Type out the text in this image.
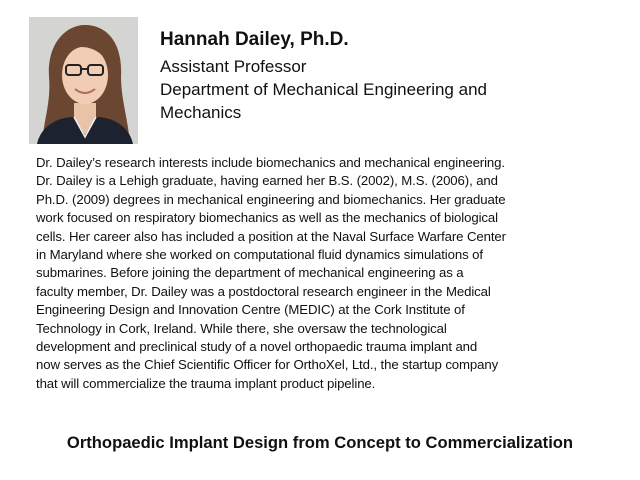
Hannah Dailey, Ph.D.

Assistant Professor

Department of Mechanical Engineering and

Mechanics

Dr. Dailey’s research interests include biomechanics and mechanical engineering.
Dr. Dailey is a Lehigh graduate, having earned her B.S. (2002), M.S. (2006), and
Ph.D. (2009) degrees in mechanical engineering and biomechanics. Her graduate
work focused on respiratory biomechanics as well as the mechanics of biological
cells. Her career also has included a position at the Naval Surface Warfare Center
in Maryland where she worked on computational fluid dynamics simulations of
submarines. Before joining the department of mechanical engineering as a
faculty member, Dr. Dailey was a postdoctoral research engineer in the Medical
Engineering Design and Innovation Centre (MEDIC) at the Cork Institute of
Technology in Cork, Ireland. While there, she oversaw the technological
development and preclinical study of a novel orthopaedic trauma implant and
now serves as the Chief Scientific Officer for OrthoXel, Ltd., the startup company
that will commercialize the trauma implant product pipeline.
Orthopaedic Implant Design from Concept to Commercialization
